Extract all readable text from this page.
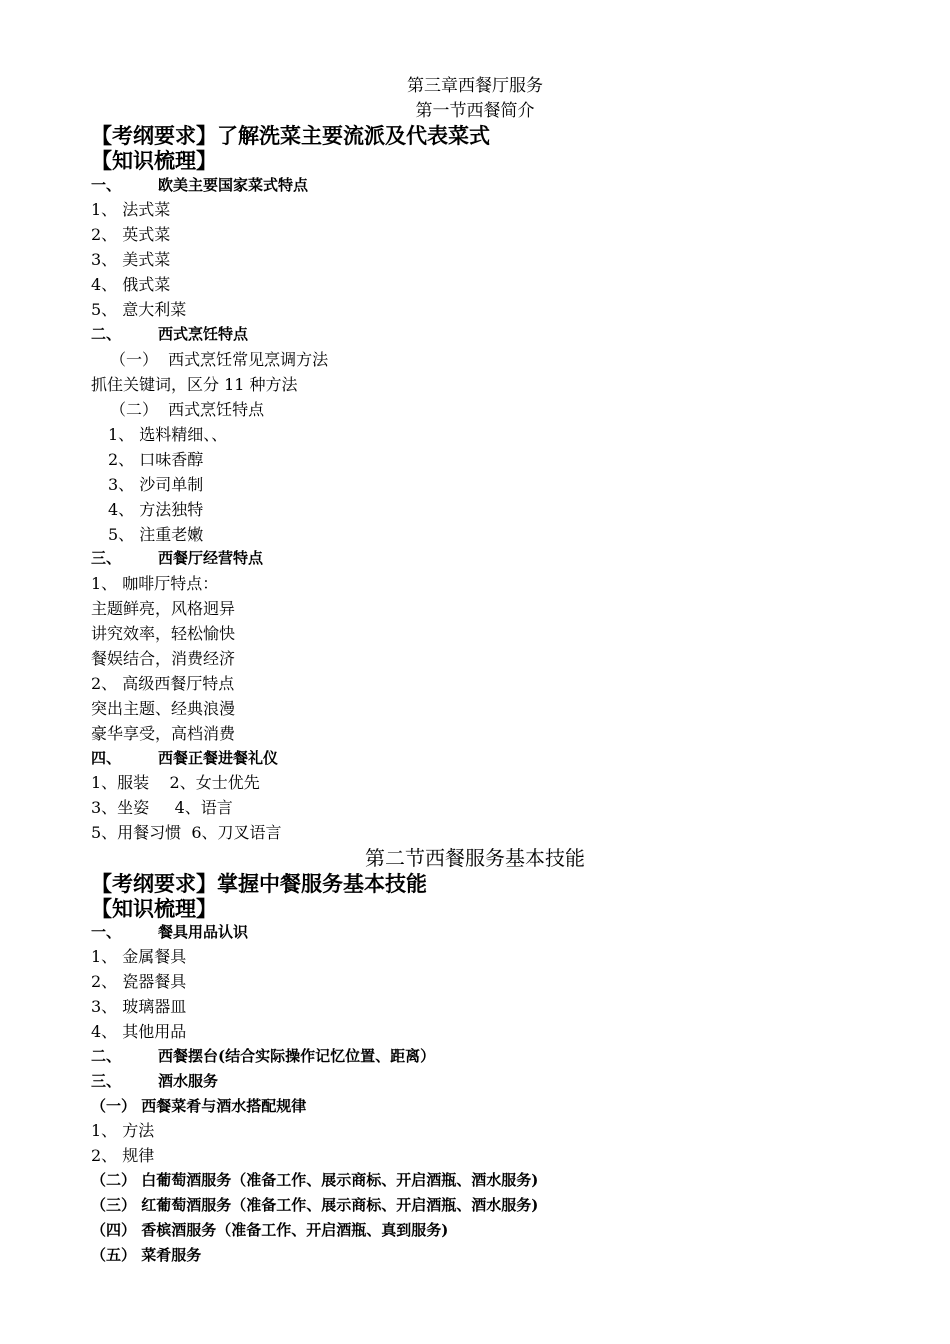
第三章西餐厅服务
第一节西餐简介
【考纲要求】了解洗菜主要流派及代表菜式
【知识梳理】
一、 欧美主要国家菜式特点
1、 法式菜
2、 英式菜
3、 美式菜
4、 俄式菜
5、 意大利菜
二、 西式烹饪特点
（一）  西式烹饪常见烹调方法
抓住关键词，区分 11 种方法
（二）  西式烹饪特点
1、 选料精细、、
2、 口味香醇
3、 沙司单制
4、 方法独特
5、 注重老嫩
三、 西餐厅经营特点
1、 咖啡厅特点：
主题鲜亮，风格迥异
讲究效率，轻松愉快
餐娱结合，消费经济
2、 高级西餐厅特点
突出主题、经典浪漫
豪华享受，高档消费
四、 西餐正餐进餐礼仪
1、服装    2、女士优先
3、坐姿     4、语言
5、用餐习惯  6、刀叉语言
第二节西餐服务基本技能
【考纲要求】掌握中餐服务基本技能
【知识梳理】
一、 餐具用品认识
1、 金属餐具
2、 瓷器餐具
3、 玻璃器皿
4、 其他用品
二、 西餐摆台(结合实际操作记忆位置、距离）
三、 酒水服务
（一） 西餐菜肴与酒水搭配规律
1、 方法
2、 规律
（二） 白葡萄酒服务（准备工作、展示商标、开启酒瓶、酒水服务)
（三） 红葡萄酒服务（准备工作、展示商标、开启酒瓶、酒水服务)
（四） 香槟酒服务（准备工作、开启酒瓶、真到服务)
（五） 菜肴服务
